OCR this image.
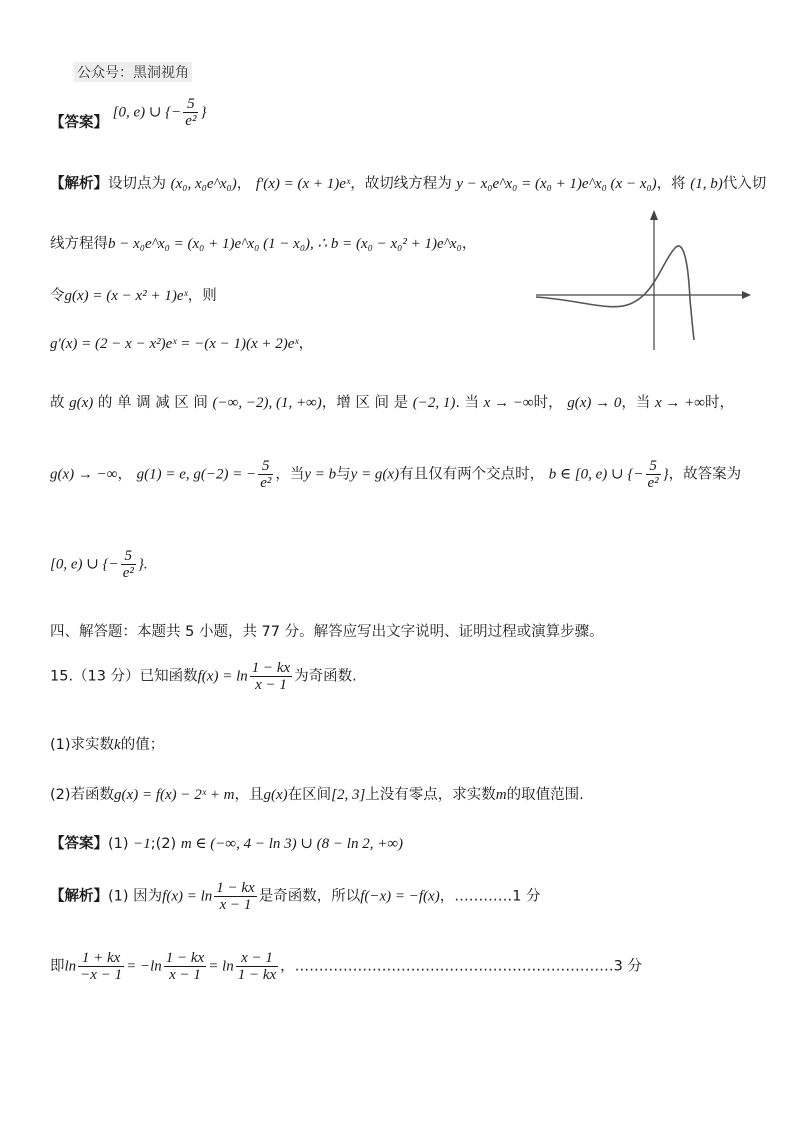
公众号：黑洞视角
【答案】 [0, e) ∪ {− $\frac{5}{\text{e²}}$ }
【解析】设切点为 (x₀, x₀e^x₀)， f′(x) = (x + 1)eˣ，故切线方程为 y − x₀e^x₀ = (x₀ + 1)e^x₀ (x − x₀)，将 (1, b)代入切
线方程得b − x₀e^x₀ = (x₀ + 1)e^x₀ (1 − x₀), ∴ b = (x₀ − x₀² + 1)e^x₀，
令g(x) = (x − x² + 1)eˣ，则
g′(x) = (2 − x − x²)eˣ = −(x − 1)(x + 2)eˣ，
故 g(x) 的 单 调 减 区 间 (−∞, −2), (1, +∞)，增 区 间 是 (−2, 1). 当 x → −∞时， g(x) → 0，当 x → +∞时，
g(x) → −∞， g(1) = e, g(−2) = − $\frac{5}{\text{e²}}$ ，当y = b与y = g(x)有且仅有两个交点时， b ∈ [0, e) ∪ {− $\frac{5}{\text{e²}}$ }，故答案为
[0, e) ∪ {− $\frac{5}{\text{e²}}$ }.
四、解答题：本题共 5 小题，共 77 分。解答应写出文字说明、证明过程或演算步骤。
15.（13 分）已知函数$f(x) = \ln \frac{1 - kx}{x - 1}$ 为奇函数.
(1)求实数k的值；
(2)若函数g(x) = f(x) − 2ˣ + m，且g(x)在区间[2, 3]上没有零点，求实数m的取值范围.
【答案】(1) −1;(2) m ∈ (−∞, 4 − ln 3) ∪ (8 − ln 2, +∞)
【解析】(1) 因为$f(x) = \ln \frac{1 - kx}{x - 1}$ 是奇函数，所以f(−x) = −f(x)，…………1 分
即$\ln \frac{1 + kx}{-x - 1} = -\ln \frac{1 - kx}{x - 1} = \ln \frac{x - 1}{1 - kx}$ ，…………………………………………………………3 分
